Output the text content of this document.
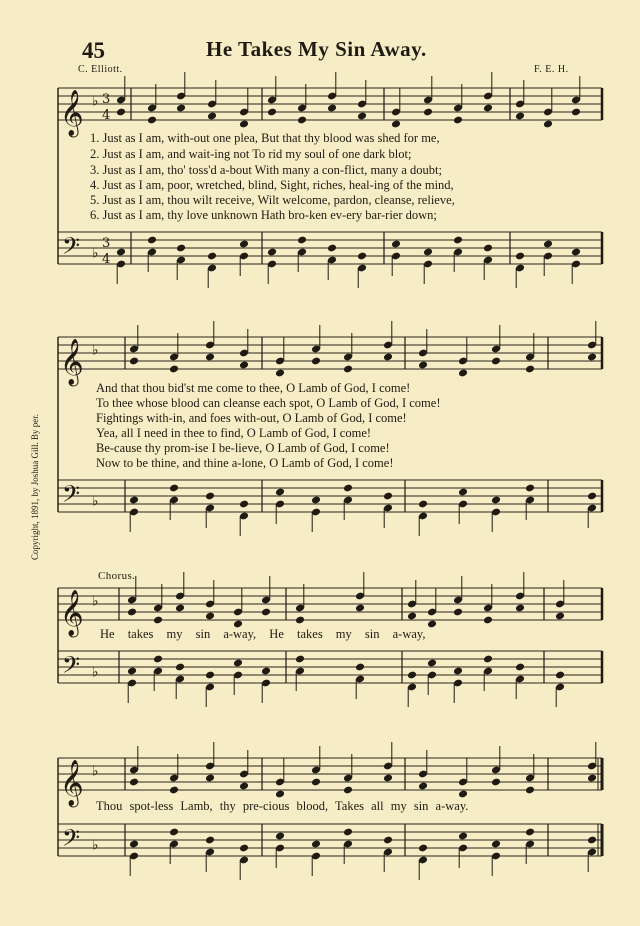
45	He Takes My Sin Away.
C. Elliott.	F. E. H.
Copyright, 1891, by Joshua Gill. By per.
Chorus.
𝄞
𝄢
♭
♭
3
4
3
4
𝄞
𝄢
♭
♭
𝄞
𝄢
♭
♭
𝄞
𝄢
♭
♭
1. Just as I am, with-out one plea, But that thy blood was shed for me,
2. Just as I am, and wait-ing not To rid my soul of one dark blot;
3. Just as I am, tho' toss'd a-bout With many a con-flict, many a doubt;
4. Just as I am, poor, wretched, blind, Sight, riches, heal-ing of the mind,
5. Just as I am, thou wilt receive, Wilt welcome, pardon, cleanse, relieve,
6. Just as I am, thy love unknown Hath bro-ken ev-ery bar-rier down;
And that thou bid'st me come to thee, O Lamb of God, I come!
To thee whose blood can cleanse each spot, O Lamb of God, I come!
Fightings with-in, and foes with-out, O Lamb of God, I come!
Yea, all I need in thee to find, O Lamb of God, I come!
Be-cause thy prom-ise I be-lieve, O Lamb of God, I come!
Now to be thine, and thine a-lone, O Lamb of God, I come!
He takes my sin a-way, He takes my sin a-way,
Thou spot-less Lamb, thy pre-cious blood, Takes all my sin a-way.
